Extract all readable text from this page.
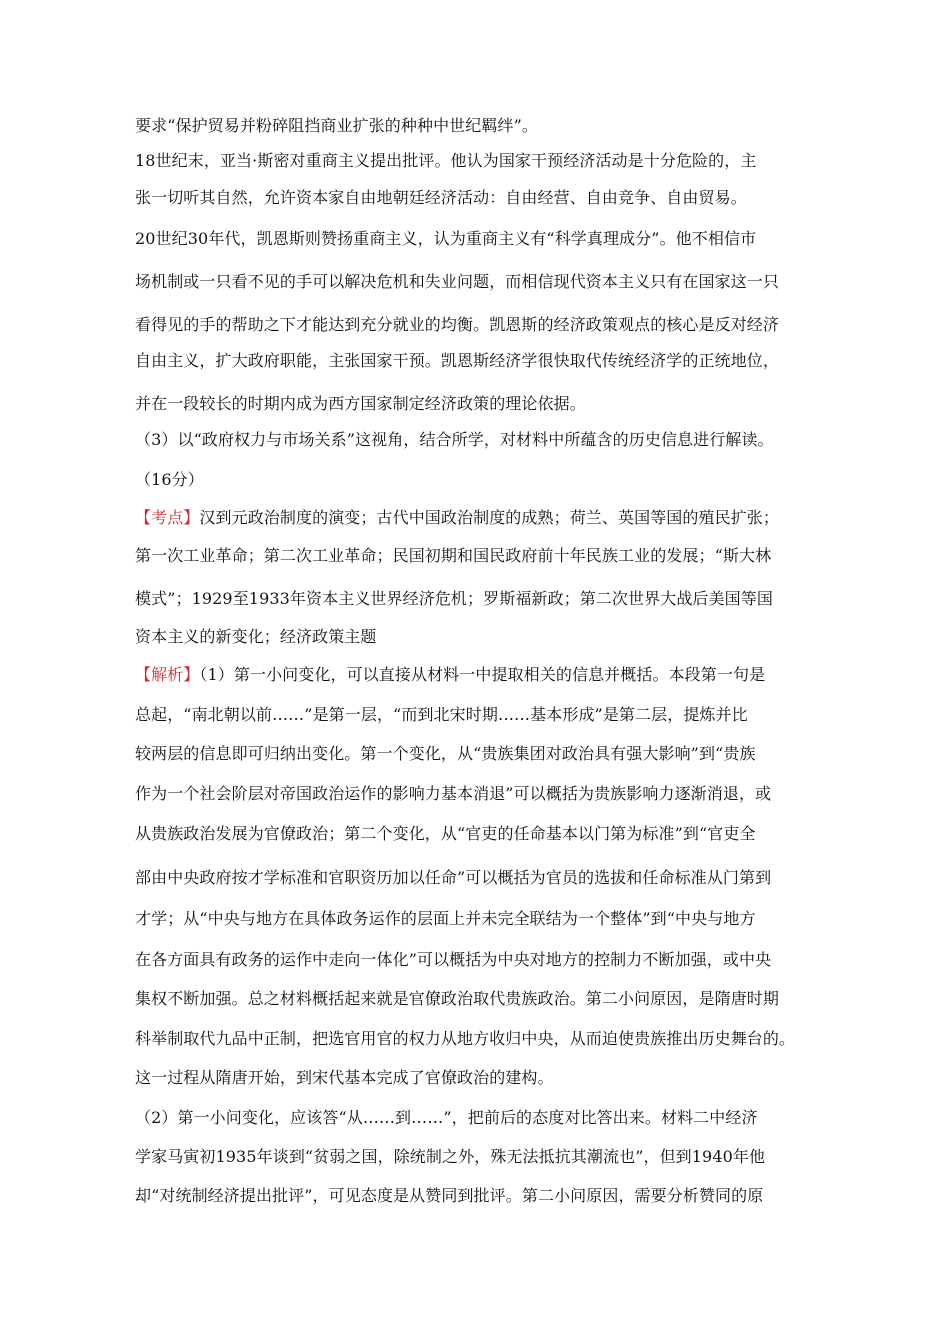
要求“保护贸易并粉碎阻挡商业扩张的种种中世纪羁绊”。
18世纪末，亚当·斯密对重商主义提出批评。他认为国家干预经济活动是十分危险的，主
张一切听其自然，允许资本家自由地朝廷经济活动：自由经营、自由竞争、自由贸易。
20世纪30年代，凯恩斯则赞扬重商主义，认为重商主义有“科学真理成分”。他不相信市
场机制或一只看不见的手可以解决危机和失业问题，而相信现代资本主义只有在国家这一只
看得见的手的帮助之下才能达到充分就业的均衡。凯恩斯的经济政策观点的核心是反对经济
自由主义，扩大政府职能，主张国家干预。凯恩斯经济学很快取代传统经济学的正统地位，
并在一段较长的时期内成为西方国家制定经济政策的理论依据。
（3）以“政府权力与市场关系”这视角，结合所学，对材料中所蕴含的历史信息进行解读。
（16分）
【考点】汉到元政治制度的演变；古代中国政治制度的成熟；荷兰、英国等国的殖民扩张；
第一次工业革命；第二次工业革命；民国初期和国民政府前十年民族工业的发展；“斯大林
模式”；1929至1933年资本主义世界经济危机；罗斯福新政；第二次世界大战后美国等国
资本主义的新变化；经济政策主题
【解析】（1）第一小问变化，可以直接从材料一中提取相关的信息并概括。本段第一句是
总起，“南北朝以前……”是第一层，“而到北宋时期……基本形成”是第二层，提炼并比
较两层的信息即可归纳出变化。第一个变化，从“贵族集团对政治具有强大影响”到“贵族
作为一个社会阶层对帝国政治运作的影响力基本消退”可以概括为贵族影响力逐渐消退，或
从贵族政治发展为官僚政治；第二个变化，从“官吏的任命基本以门第为标准”到“官吏全
部由中央政府按才学标准和官职资历加以任命”可以概括为官员的选拔和任命标准从门第到
才学；从“中央与地方在具体政务运作的层面上并未完全联结为一个整体”到“中央与地方
在各方面具有政务的运作中走向一体化”可以概括为中央对地方的控制力不断加强，或中央
集权不断加强。总之材料概括起来就是官僚政治取代贵族政治。第二小问原因，是隋唐时期
科举制取代九品中正制，把选官用官的权力从地方收归中央，从而迫使贵族推出历史舞台的。
这一过程从隋唐开始，到宋代基本完成了官僚政治的建构。
（2）第一小问变化，应该答“从……到……”，把前后的态度对比答出来。材料二中经济
学家马寅初1935年谈到“贫弱之国，除统制之外，殊无法抵抗其潮流也”，但到1940年他
却“对统制经济提出批评”，可见态度是从赞同到批评。第二小问原因，需要分析赞同的原
